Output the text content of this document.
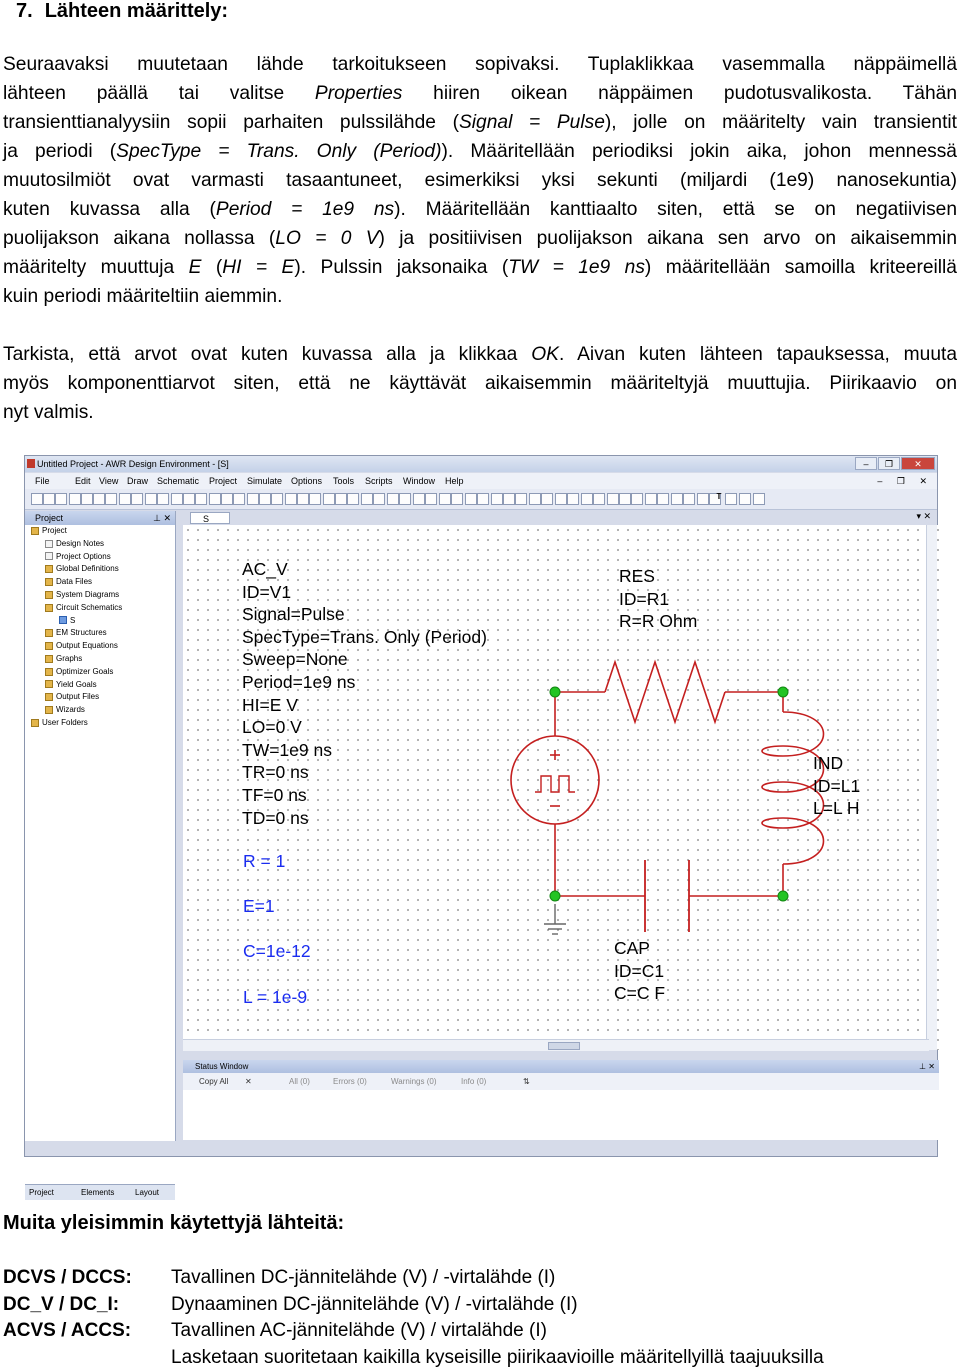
7. Lähteen määrittely:
Seuraavaksi muutetaan lähde tarkoitukseen sopivaksi. Tuplaklikkaa vasemmalla näppäimellä
lähteen päällä tai valitse Properties hiiren oikean näppäimen pudotusvalikosta. Tähän
transienttianalyysiin sopii parhaiten pulssilähde (Signal = Pulse), jolle on määritelty vain transientit
ja periodi (SpecType = Trans. Only (Period)). Määritellään periodiksi jokin aika, johon mennessä
muutosilmiöt ovat varmasti tasaantuneet, esimerkiksi yksi sekunti (miljardi (1e9) nanosekuntia)
kuten kuvassa alla (Period = 1e9 ns). Määritellään kanttiaalto siten, että se on negatiivisen
puolijakson aikana nollassa (LO = 0 V) ja positiivisen puolijakson aikana sen arvo on aikaisemmin
määritelty muuttuja E (HI = E). Pulssin jaksonaika (TW = 1e9 ns) määritellään samoilla kriteereillä
kuin periodi määriteltiin aiemmin.
Tarkista, että arvot ovat kuten kuvassa alla ja klikkaa OK. Aivan kuten lähteen tapauksessa, muuta
myös komponenttiarvot siten, että ne käyttävät aikaisemmin määriteltyjä muuttujia. Piirikaavio on
nyt valmis.
Untitled Project - AWR Design Environment - [S]	–	❐	✕
File	Edit View Draw Schematic Project Simulate Options Tools Scripts Window Help	– ❐ ✕
T
Project	⊥ ✕
Project
Design Notes
Project Options
Global Definitions
Data Files
System Diagrams
Circuit Schematics
S
EM Structures
Output Equations
Graphs
Optimizer Goals
Yield Goals
Output Files
Wizards
User Folders
Project	Elements	Layout
S	▾ ✕
Status Window	⊥ ✕
Copy All ✕	All (0)	Errors (0)	Warnings (0)	Info (0)	⇅
AC_V
ID=V1
Signal=Pulse
SpecType=Trans. Only (Period)
Sweep=None
Period=1e9 ns
HI=E V
LO=0 V
TW=1e9 ns
TR=0 ns
TF=0 ns
TD=0 ns
RES
ID=R1
R=R Ohm
IND
ID=L1
L=L H
CAP
ID=C1
C=C F
R = 1
E=1
C=1e-12
L = 1e-9
Muita yleisimmin käytettyjä lähteitä:
DCVS / DCCS: Tavallinen DC-jännitelähde (V) / -virtalähde (I)
DC_V / DC_I:	Dynaaminen DC-jännitelähde (V) / -virtalähde (I)
ACVS / ACCS: Tavallinen AC-jännitelähde (V) / virtalähde (I)
Lasketaan suoritetaan kaikilla kyseisille piirikaavioille määritellyillä taajuuksilla
